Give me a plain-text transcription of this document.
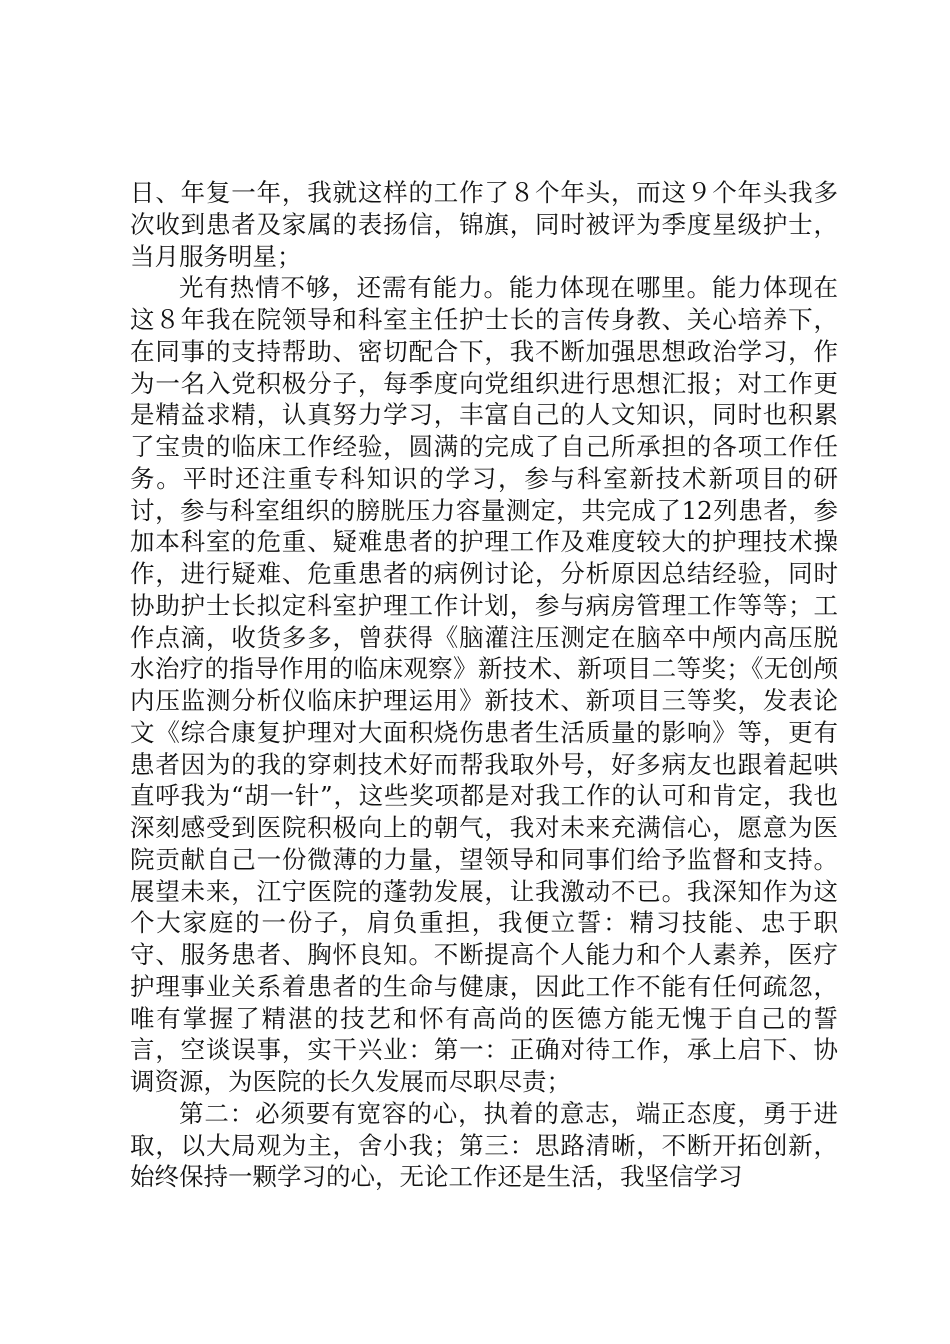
日、年复一年，我就这样的工作了８个年头，而这９个年头我多次收到患者及家属的表扬信，锦旗，同时被评为季度星级护士，当月服务明星；

光有热情不够，还需有能力。能力体现在哪里。能力体现在这８年我在院领导和科室主任护士长的言传身教、关心培养下，在同事的支持帮助、密切配合下，我不断加强思想政治学习，作为一名入党积极分子，每季度向党组织进行思想汇报；对工作更是精益求精，认真努力学习，丰富自己的人文知识，同时也积累了宝贵的临床工作经验，圆满的完成了自己所承担的各项工作任务。平时还注重专科知识的学习，参与科室新技术新项目的研讨，参与科室组织的膀胱压力容量测定，共完成了12列患者，参加本科室的危重、疑难患者的护理工作及难度较大的护理技术操作，进行疑难、危重患者的病例讨论，分析原因总结经验，同时协助护士长拟定科室护理工作计划，参与病房管理工作等等；工作点滴，收货多多，曾获得《脑灌注压测定在脑卒中颅内高压脱水治疗的指导作用的临床观察》新技术、新项目二等奖；《无创颅内压监测分析仪临床护理运用》新技术、新项目三等奖，发表论文《综合康复护理对大面积烧伤患者生活质量的影响》等，更有患者因为的我的穿刺技术好而帮我取外号，好多病友也跟着起哄直呼我为“胡一针”，这些奖项都是对我工作的认可和肯定，我也深刻感受到医院积极向上的朝气，我对未来充满信心，愿意为医院贡献自己一份微薄的力量，望领导和同事们给予监督和支持。展望未来，江宁医院的蓬勃发展，让我激动不已。我深知作为这个大家庭的一份子，肩负重担，我便立誓：精习技能、忠于职守、服务患者、胸怀良知。不断提高个人能力和个人素养，医疗护理事业关系着患者的生命与健康，因此工作不能有任何疏忽，唯有掌握了精湛的技艺和怀有高尚的医德方能无愧于自己的誓言，空谈误事，实干兴业：第一：正确对待工作，承上启下、协调资源，为医院的长久发展而尽职尽责；

第二：必须要有宽容的心，执着的意志，端正态度，勇于进取，以大局观为主，舍小我；第三：思路清晰，不断开拓创新，始终保持一颗学习的心，无论工作还是生活，我坚信学习
